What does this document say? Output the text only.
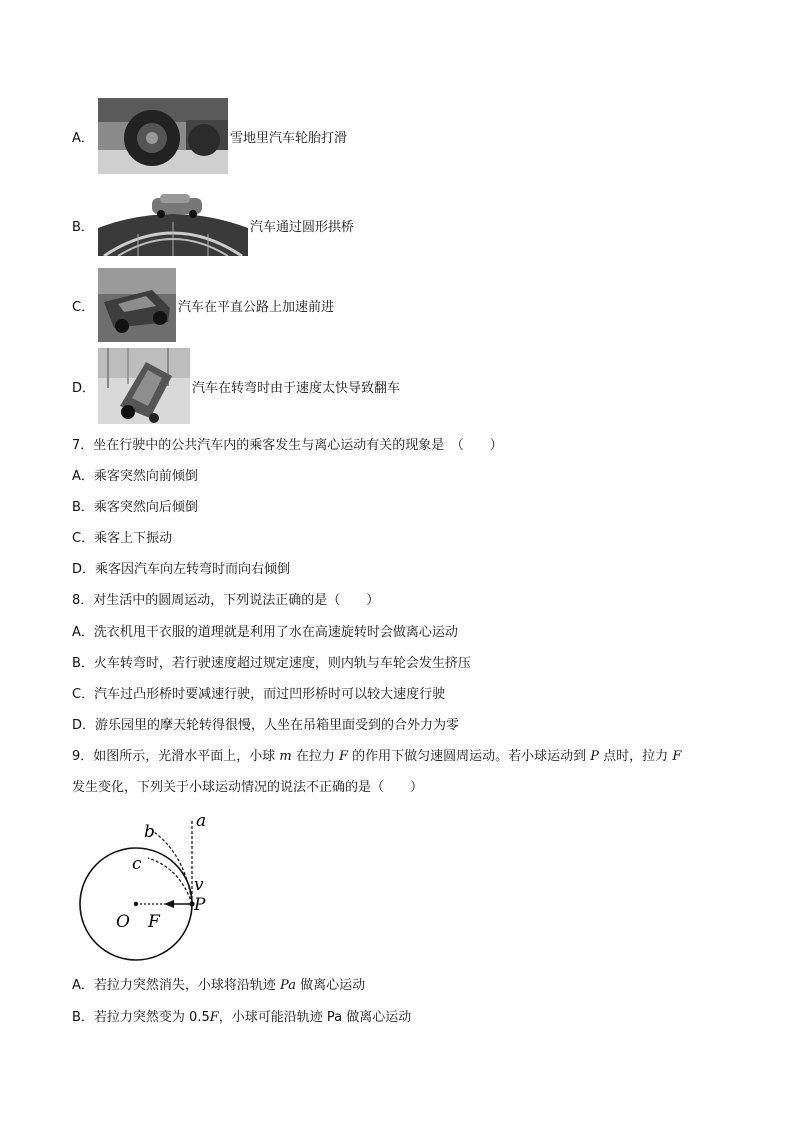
A．	雪地里汽车轮胎打滑
B．	汽车通过圆形拱桥
C．	汽车在平直公路上加速前进
D．	汽车在转弯时由于速度太快导致翻车
7．坐在行驶中的公共汽车内的乘客发生与离心运动有关的现象是　（　　）
A．乘客突然向前倾倒
B．乘客突然向后倾倒
C．乘客上下振动
D．乘客因汽车向左转弯时而向右倾倒
8．对生活中的圆周运动，下列说法正确的是（　　）
A．洗衣机甩干衣服的道理就是利用了水在高速旋转时会做离心运动
B．火车转弯时，若行驶速度超过规定速度，则内轨与车轮会发生挤压
C．汽车过凸形桥时要减速行驶，而过凹形桥时可以较大速度行驶
D．游乐园里的摩天轮转得很慢，人坐在吊箱里面受到的合外力为零
9．如图所示，光滑水平面上，小球 m 在拉力 F 的作用下做匀速圆周运动。若小球运动到 P 点时，拉力 F
发生变化，下列关于小球运动情况的说法不正确的是（　　）
a
b
c
v
P
O F
A．若拉力突然消失，小球将沿轨迹 Pa 做离心运动
B．若拉力突然变为 0.5F，小球可能沿轨迹 Pa 做离心运动
